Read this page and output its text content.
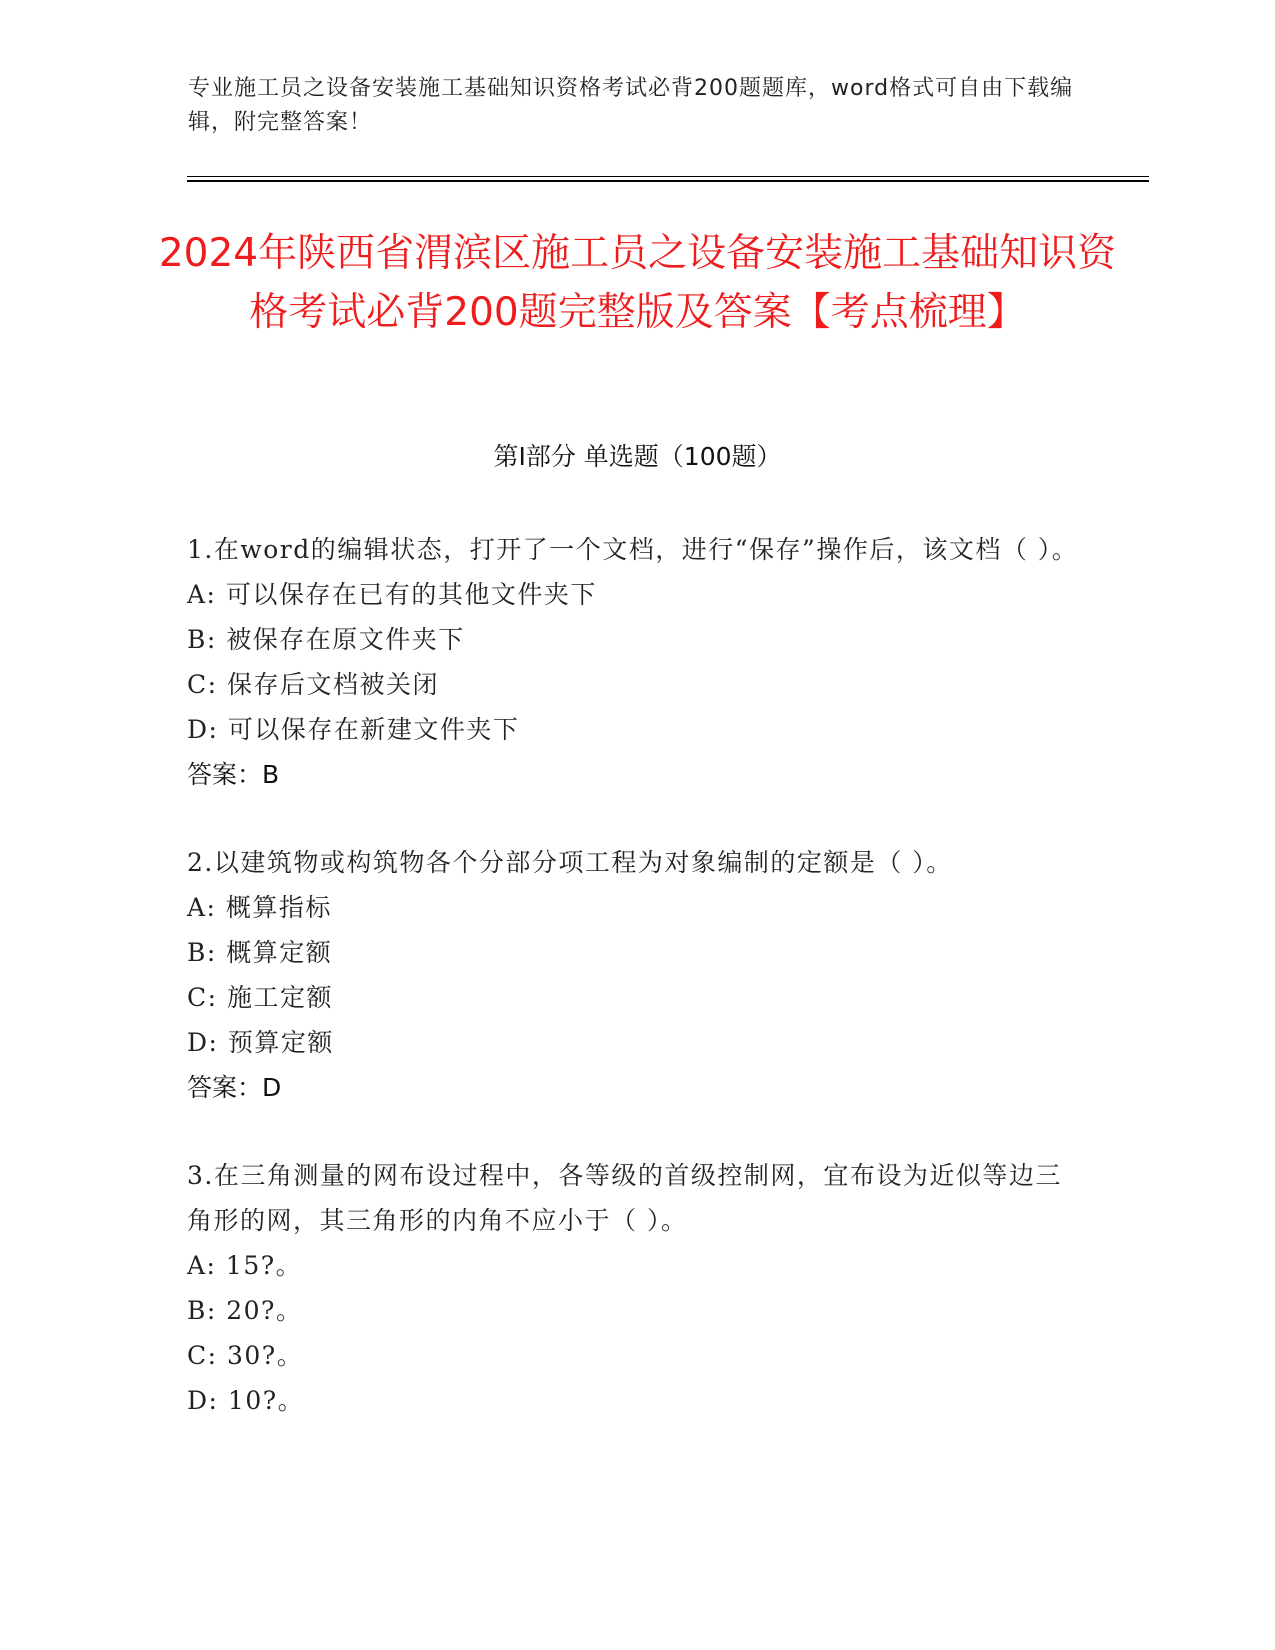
专业施工员之设备安装施工基础知识资格考试必背200题题库，word格式可自由下载编辑，附完整答案！
2024年陕西省渭滨区施工员之设备安装施工基础知识资格考试必背200题完整版及答案【考点梳理】
第Ⅰ部分 单选题（100题）
1.在word的编辑状态，打开了一个文档，进行“保存”操作后，该文档（ ）。
A: 可以保存在已有的其他文件夹下
B: 被保存在原文件夹下
C: 保存后文档被关闭
D: 可以保存在新建文件夹下
答案：B
2.以建筑物或构筑物各个分部分项工程为对象编制的定额是（ ）。
A: 概算指标
B: 概算定额
C: 施工定额
D: 预算定额
答案：D
3.在三角测量的网布设过程中，各等级的首级控制网，宜布设为近似等边三角形的网，其三角形的内角不应小于（ ）。
A: 15?。
B: 20?。
C: 30?。
D: 10?。
